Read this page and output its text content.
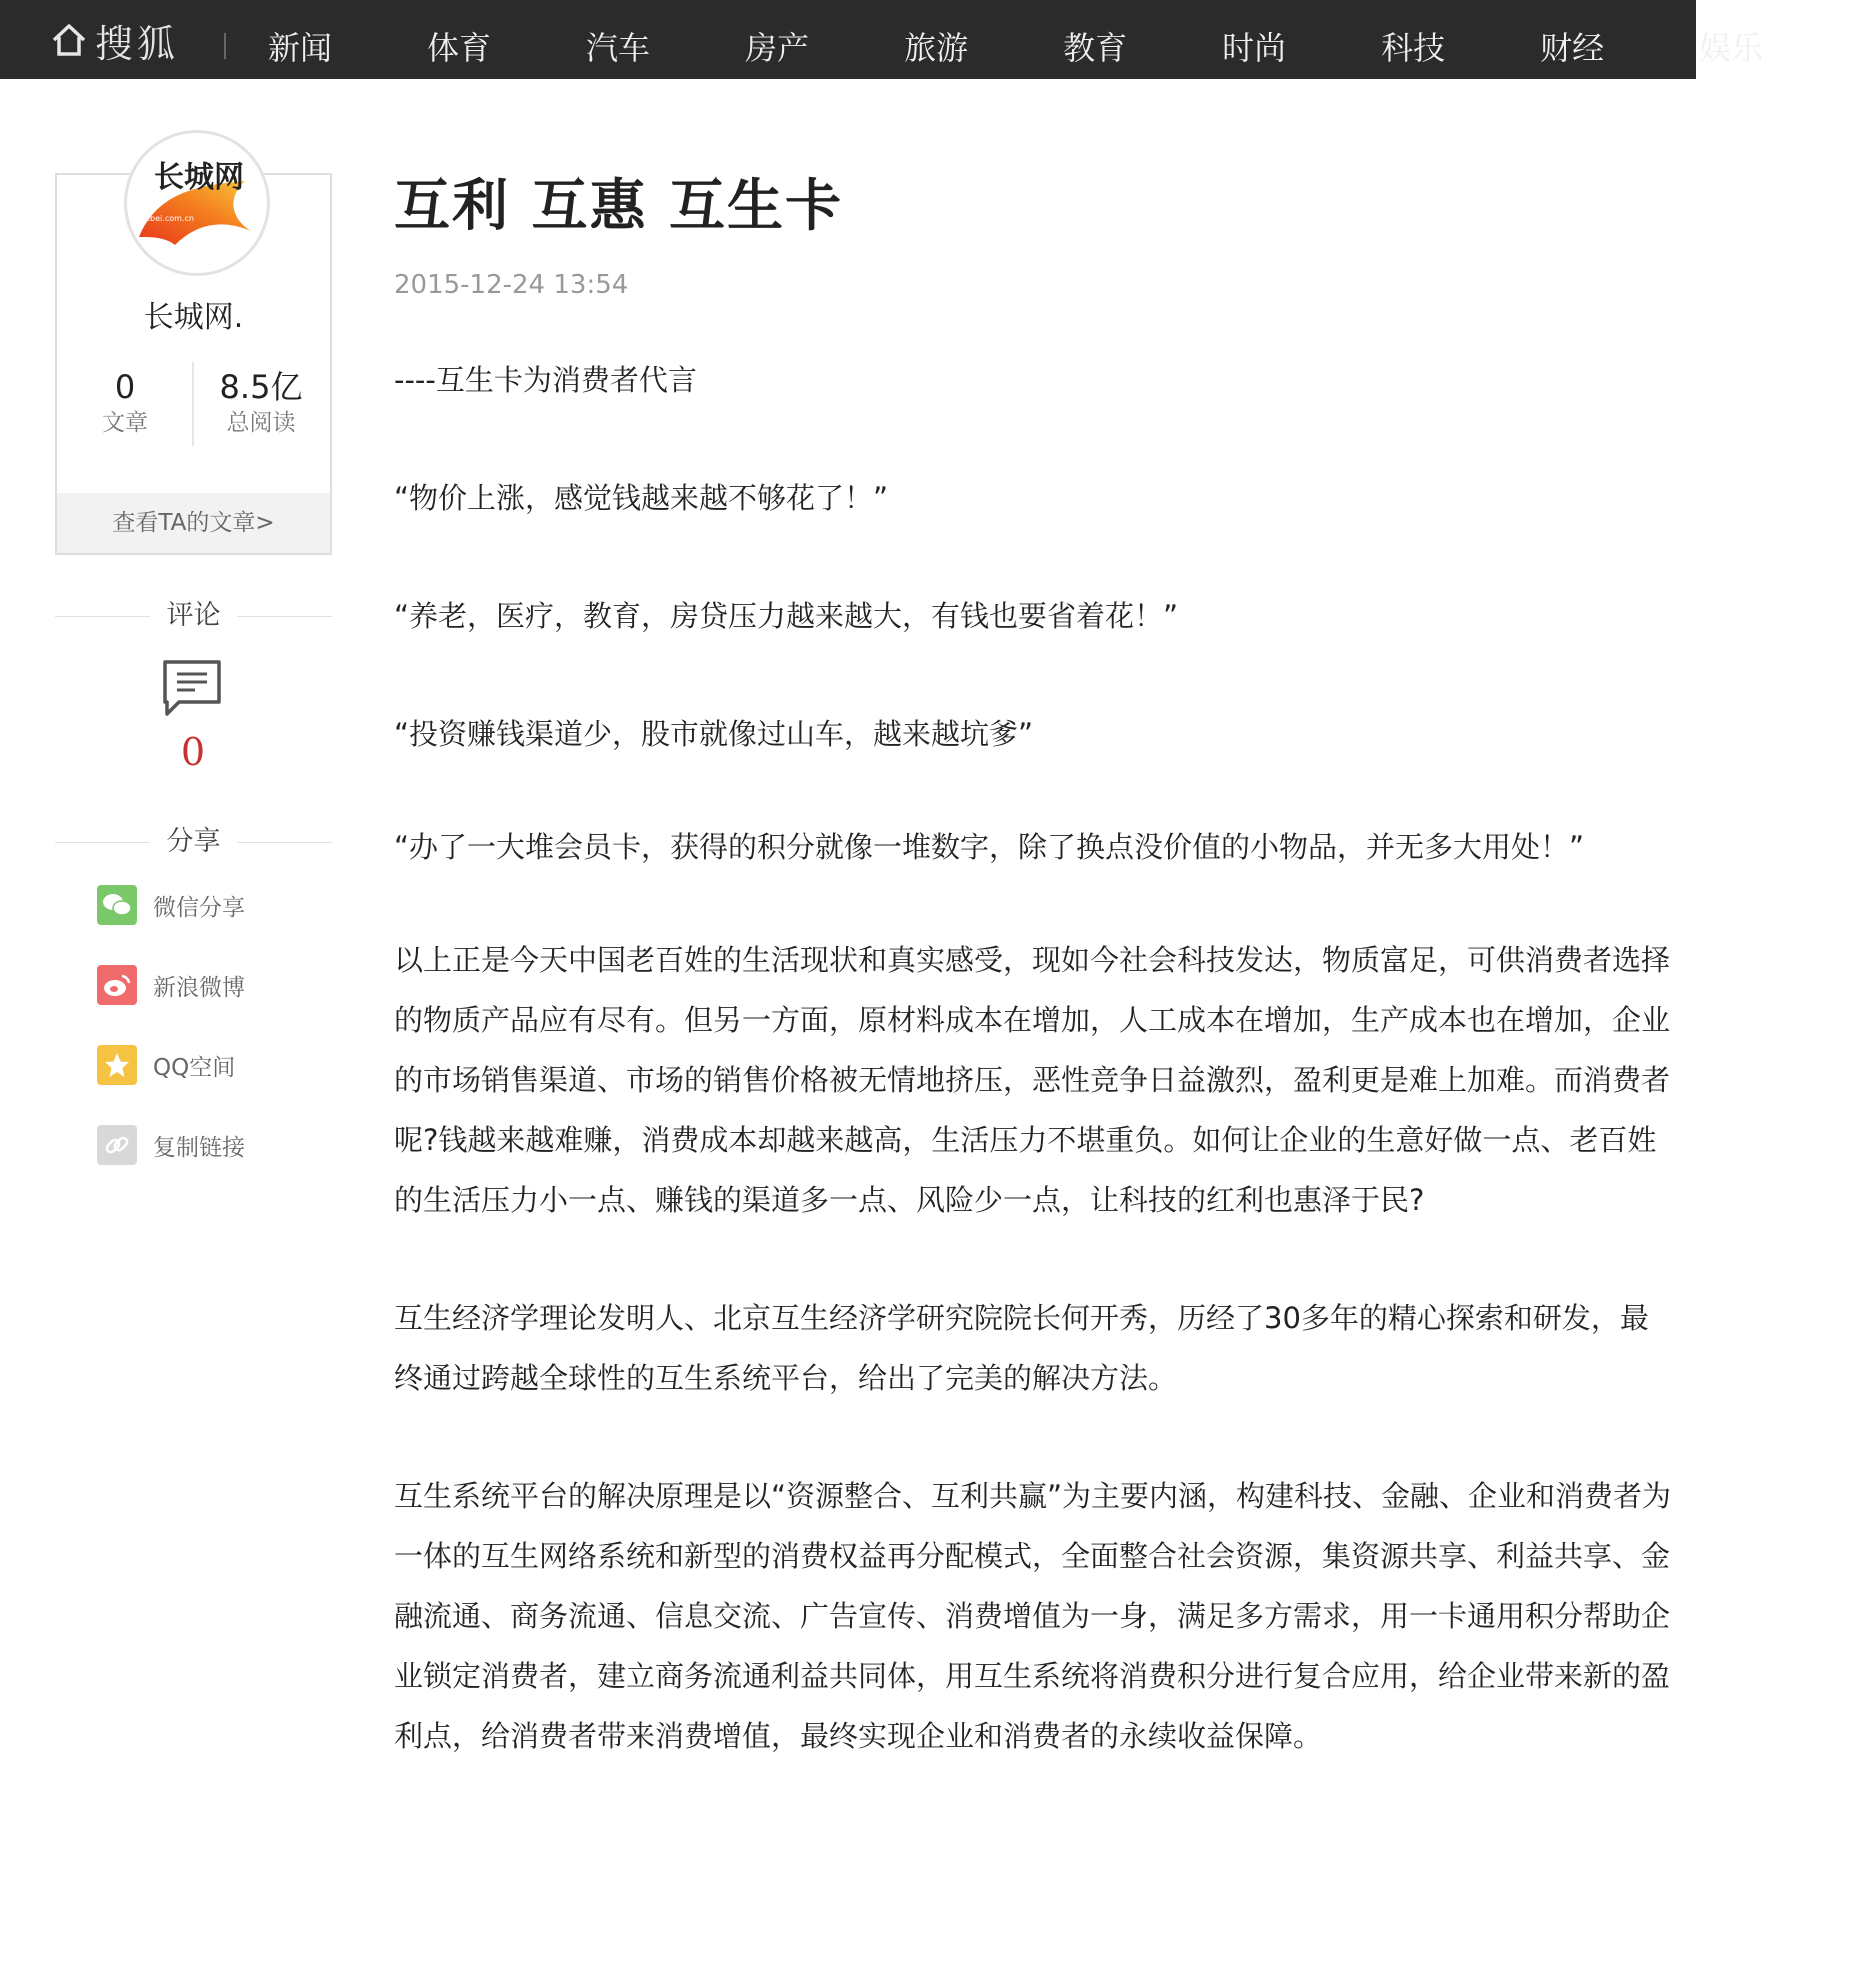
搜狐	新闻	体育	汽车	房产	旅游	教育	时尚	科技	财经	娱乐
长城网
hebei.com.cn
长城网.
0
文章
8.5亿
总阅读
查看TA的文章>
评论
0
分享
微信分享
新浪微博
QQ空间
复制链接
互利 互惠 互生卡
2015-12-24 13:54

----互生卡为消费者代言

“物价上涨，感觉钱越来越不够花了！”

“养老，医疗，教育，房贷压力越来越大，有钱也要省着花！”

“投资赚钱渠道少，股市就像过山车，越来越坑爹”

“办了一大堆会员卡，获得的积分就像一堆数字，除了换点没价值的小物品，并无多大用处！”

以上正是今天中国老百姓的生活现状和真实感受，现如今社会科技发达，物质富足，可供消费者选择的物质产品应有尽有。但另一方面，原材料成本在增加，人工成本在增加，生产成本也在增加，企业的市场销售渠道、市场的销售价格被无情地挤压，恶性竞争日益激烈，盈利更是难上加难。而消费者呢?钱越来越难赚，消费成本却越来越高，生活压力不堪重负。如何让企业的生意好做一点、老百姓的生活压力小一点、赚钱的渠道多一点、风险少一点，让科技的红利也惠泽于民?

互生经济学理论发明人、北京互生经济学研究院院长何开秀，历经了30多年的精心探索和研发，最终通过跨越全球性的互生系统平台，给出了完美的解决方法。

互生系统平台的解决原理是以“资源整合、互利共赢”为主要内涵，构建科技、金融、企业和消费者为一体的互生网络系统和新型的消费权益再分配模式，全面整合社会资源，集资源共享、利益共享、金融流通、商务流通、信息交流、广告宣传、消费增值为一身，满足多方需求，用一卡通用积分帮助企业锁定消费者，建立商务流通利益共同体，用互生系统将消费积分进行复合应用，给企业带来新的盈利点，给消费者带来消费增值，最终实现企业和消费者的永续收益保障。
